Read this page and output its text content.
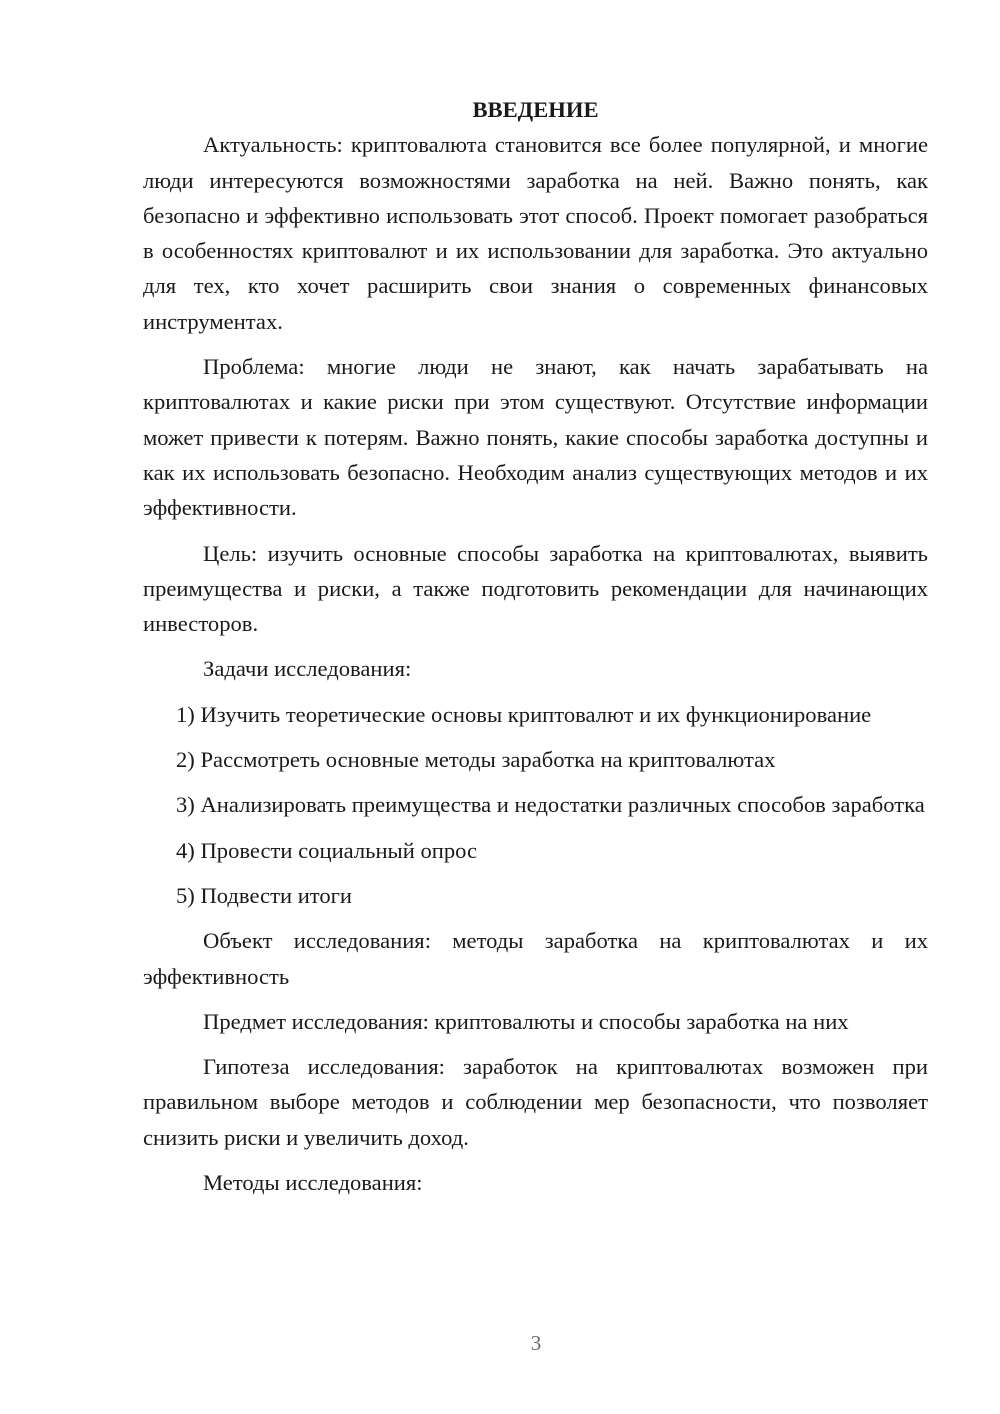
ВВЕДЕНИЕ

Актуальность: криптовалюта становится все более популярной, и многие люди интересуются возможностями заработка на ней. Важно понять, как безопасно и эффективно использовать этот способ. Проект помогает разобраться в особенностях криптовалют и их использовании для заработка. Это актуально для тех, кто хочет расширить свои знания о современных финансовых инструментах.

Проблема: многие люди не знают, как начать зарабатывать на криптовалютах и какие риски при этом существуют. Отсутствие информации может привести к потерям. Важно понять, какие способы заработка доступны и как их использовать безопасно. Необходим анализ существующих методов и их эффективности.

Цель: изучить основные способы заработка на криптовалютах, выявить преимущества и риски, а также подготовить рекомендации для начинающих инвесторов.

Задачи исследования:

1) Изучить теоретические основы криптовалют и их функционирование

2) Рассмотреть основные методы заработка на криптовалютах

3) Анализировать преимущества и недостатки различных способов заработка

4) Провести социальный опрос

5) Подвести итоги

Объект исследования: методы заработка на криптовалютах и их эффективность

Предмет исследования: криптовалюты и способы заработка на них

Гипотеза исследования: заработок на криптовалютах возможен при правильном выборе методов и соблюдении мер безопасности, что позволяет снизить риски и увеличить доход.

Методы исследования:

3
